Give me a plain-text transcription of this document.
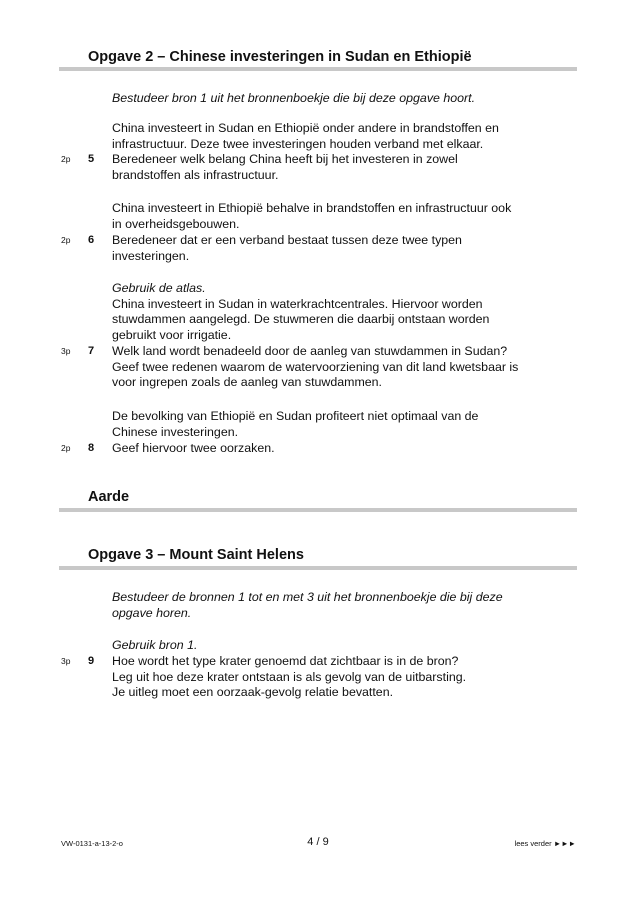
Opgave 2 – Chinese investeringen in Sudan en Ethiopië
Bestudeer bron 1 uit het bronnenboekje die bij deze opgave hoort.
China investeert in Sudan en Ethiopië onder andere in brandstoffen en
infrastructuur. Deze twee investeringen houden verband met elkaar.
2p 5 Beredeneer welk belang China heeft bij het investeren in zowel
brandstoffen als infrastructuur.
China investeert in Ethiopië behalve in brandstoffen en infrastructuur ook
in overheidsgebouwen.
2p 6 Beredeneer dat er een verband bestaat tussen deze twee typen
investeringen.
Gebruik de atlas.
China investeert in Sudan in waterkrachtcentrales. Hiervoor worden
stuwdammen aangelegd. De stuwmeren die daarbij ontstaan worden
gebruikt voor irrigatie.
3p 7 Welk land wordt benadeeld door de aanleg van stuwdammen in Sudan?
Geef twee redenen waarom de watervoorziening van dit land kwetsbaar is
voor ingrepen zoals de aanleg van stuwdammen.
De bevolking van Ethiopië en Sudan profiteert niet optimaal van de
Chinese investeringen.
2p 8 Geef hiervoor twee oorzaken.
Aarde
Opgave 3 – Mount Saint Helens
Bestudeer de bronnen 1 tot en met 3 uit het bronnenboekje die bij deze
opgave horen.
Gebruik bron 1.
3p 9 Hoe wordt het type krater genoemd dat zichtbaar is in de bron?
Leg uit hoe deze krater ontstaan is als gevolg van de uitbarsting.
Je uitleg moet een oorzaak-gevolg relatie bevatten.
VW-0131-a-13-2-o	4 / 9	lees verder ►►►
